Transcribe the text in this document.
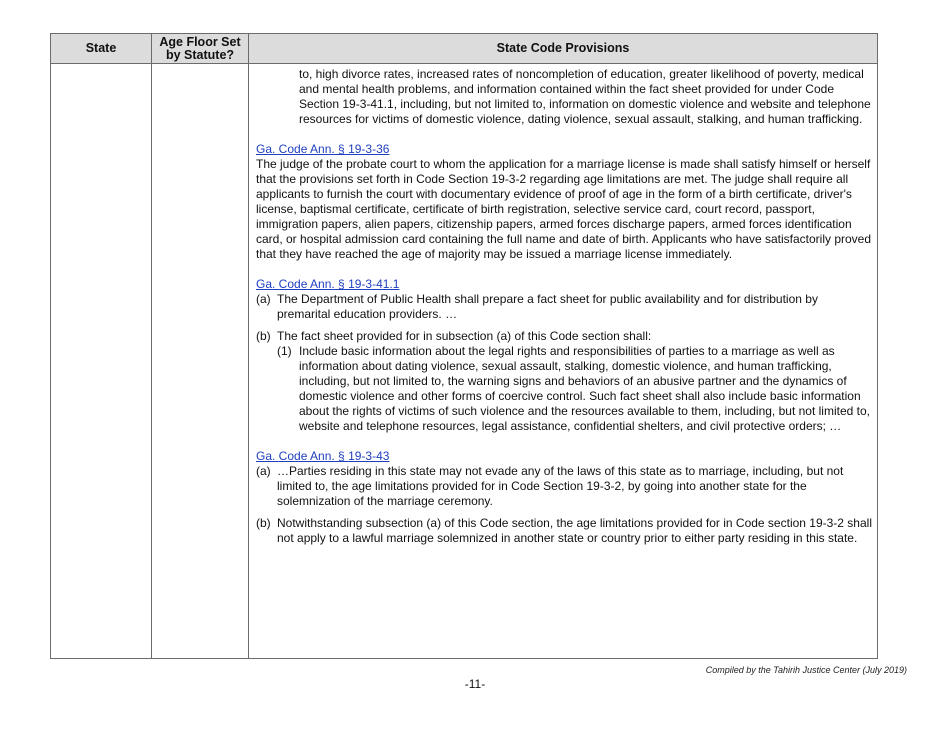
State	Age Floor Set by Statute?	State Code Provisions

to, high divorce rates, increased rates of noncompletion of education, greater likelihood of poverty, medical and mental health problems, and information contained within the fact sheet provided for under Code Section 19-3-41.1, including, but not limited to, information on domestic violence and website and telephone resources for victims of domestic violence, dating violence, sexual assault, stalking, and human trafficking.

Ga. Code Ann. § 19-3-36

The judge of the probate court to whom the application for a marriage license is made shall satisfy himself or herself that the provisions set forth in Code Section 19-3-2 regarding age limitations are met. The judge shall require all applicants to furnish the court with documentary evidence of proof of age in the form of a birth certificate, driver's license, baptismal certificate, certificate of birth registration, selective service card, court record, passport, immigration papers, alien papers, citizenship papers, armed forces discharge papers, armed forces identification card, or hospital admission card containing the full name and date of birth. Applicants who have satisfactorily proved that they have reached the age of majority may be issued a marriage license immediately.

Ga. Code Ann. § 19-3-41.1
(a) The Department of Public Health shall prepare a fact sheet for public availability and for distribution by premarital education providers. …
(b) The fact sheet provided for in subsection (a) of this Code section shall:
(1) Include basic information about the legal rights and responsibilities of parties to a marriage as well as information about dating violence, sexual assault, stalking, domestic violence, and human trafficking, including, but not limited to, the warning signs and behaviors of an abusive partner and the dynamics of domestic violence and other forms of coercive control. Such fact sheet shall also include basic information about the rights of victims of such violence and the resources available to them, including, but not limited to, website and telephone resources, legal assistance, confidential shelters, and civil protective orders; …
Ga. Code Ann. § 19-3-43
(a) …Parties residing in this state may not evade any of the laws of this state as to marriage, including, but not limited to, the age limitations provided for in Code Section 19-3-2, by going into another state for the solemnization of the marriage ceremony.
(b) Notwithstanding subsection (a) of this Code section, the age limitations provided for in Code section 19-3-2 shall not apply to a lawful marriage solemnized in another state or country prior to either party residing in this state.
Compiled by the Tahirih Justice Center (July 2019)
-11-
